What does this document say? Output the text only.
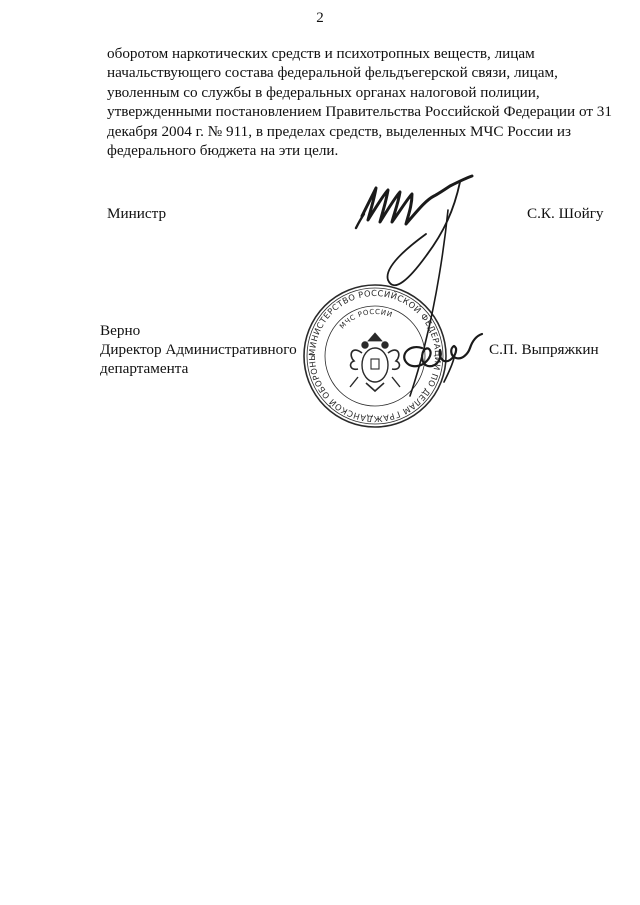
2

оборотом наркотических средств и психотропных веществ, лицам
начальствующего состава федеральной фельдъегерской связи, лицам,
уволенным со службы в федеральных органах налоговой полиции,
утвержденными постановлением Правительства Российской Федерации от 31
декабря 2004 г. № 911, в пределах средств, выделенных МЧС России из
федерального бюджета на эти цели.

Министр	С.К. Шойгу
МИНИСТЕРСТВО РОССИЙСКОЙ ФЕДЕРАЦИИ ПО ДЕЛАМ ГРАЖДАНСКОЙ ОБОРОНЫ
МЧС РОССИИ
Верно
Директор Административного
департамента
С.П. Выпряжкин
